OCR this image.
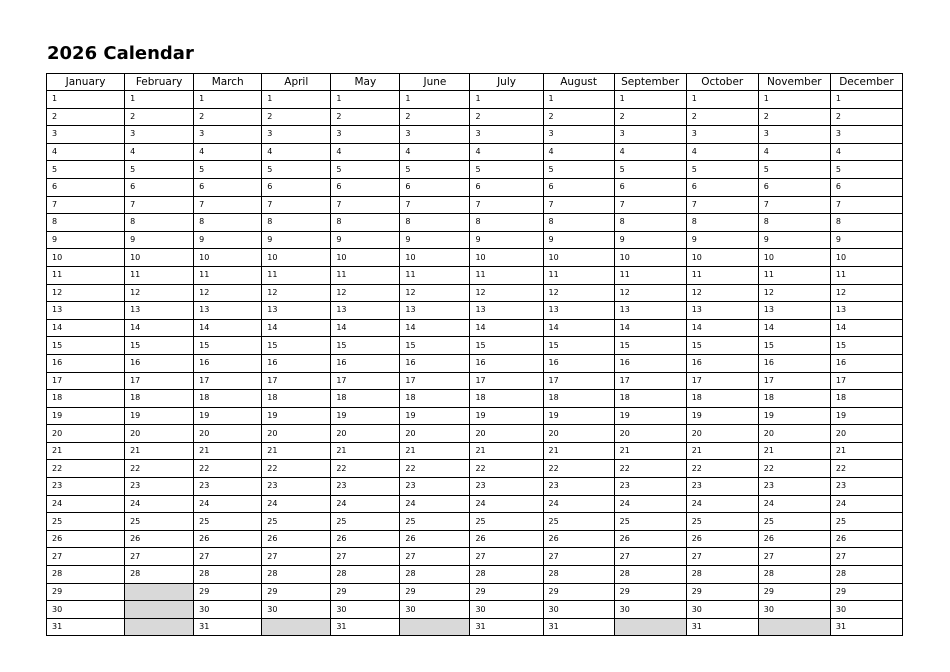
2026 Calendar
January	February	March	April	May	June	July	August	September	October	November	December
1	1	1	1	1	1	1	1	1	1	1	1
2	2	2	2	2	2	2	2	2	2	2	2
3	3	3	3	3	3	3	3	3	3	3	3
4	4	4	4	4	4	4	4	4	4	4	4
5	5	5	5	5	5	5	5	5	5	5	5
6	6	6	6	6	6	6	6	6	6	6	6
7	7	7	7	7	7	7	7	7	7	7	7
8	8	8	8	8	8	8	8	8	8	8	8
9	9	9	9	9	9	9	9	9	9	9	9
10	10	10	10	10	10	10	10	10	10	10	10
11	11	11	11	11	11	11	11	11	11	11	11
12	12	12	12	12	12	12	12	12	12	12	12
13	13	13	13	13	13	13	13	13	13	13	13
14	14	14	14	14	14	14	14	14	14	14	14
15	15	15	15	15	15	15	15	15	15	15	15
16	16	16	16	16	16	16	16	16	16	16	16
17	17	17	17	17	17	17	17	17	17	17	17
18	18	18	18	18	18	18	18	18	18	18	18
19	19	19	19	19	19	19	19	19	19	19	19
20	20	20	20	20	20	20	20	20	20	20	20
21	21	21	21	21	21	21	21	21	21	21	21
22	22	22	22	22	22	22	22	22	22	22	22
23	23	23	23	23	23	23	23	23	23	23	23
24	24	24	24	24	24	24	24	24	24	24	24
25	25	25	25	25	25	25	25	25	25	25	25
26	26	26	26	26	26	26	26	26	26	26	26
27	27	27	27	27	27	27	27	27	27	27	27
28	28	28	28	28	28	28	28	28	28	28	28
29		29	29	29	29	29	29	29	29	29	29
30		30	30	30	30	30	30	30	30	30	30
31		31		31		31	31		31		31
